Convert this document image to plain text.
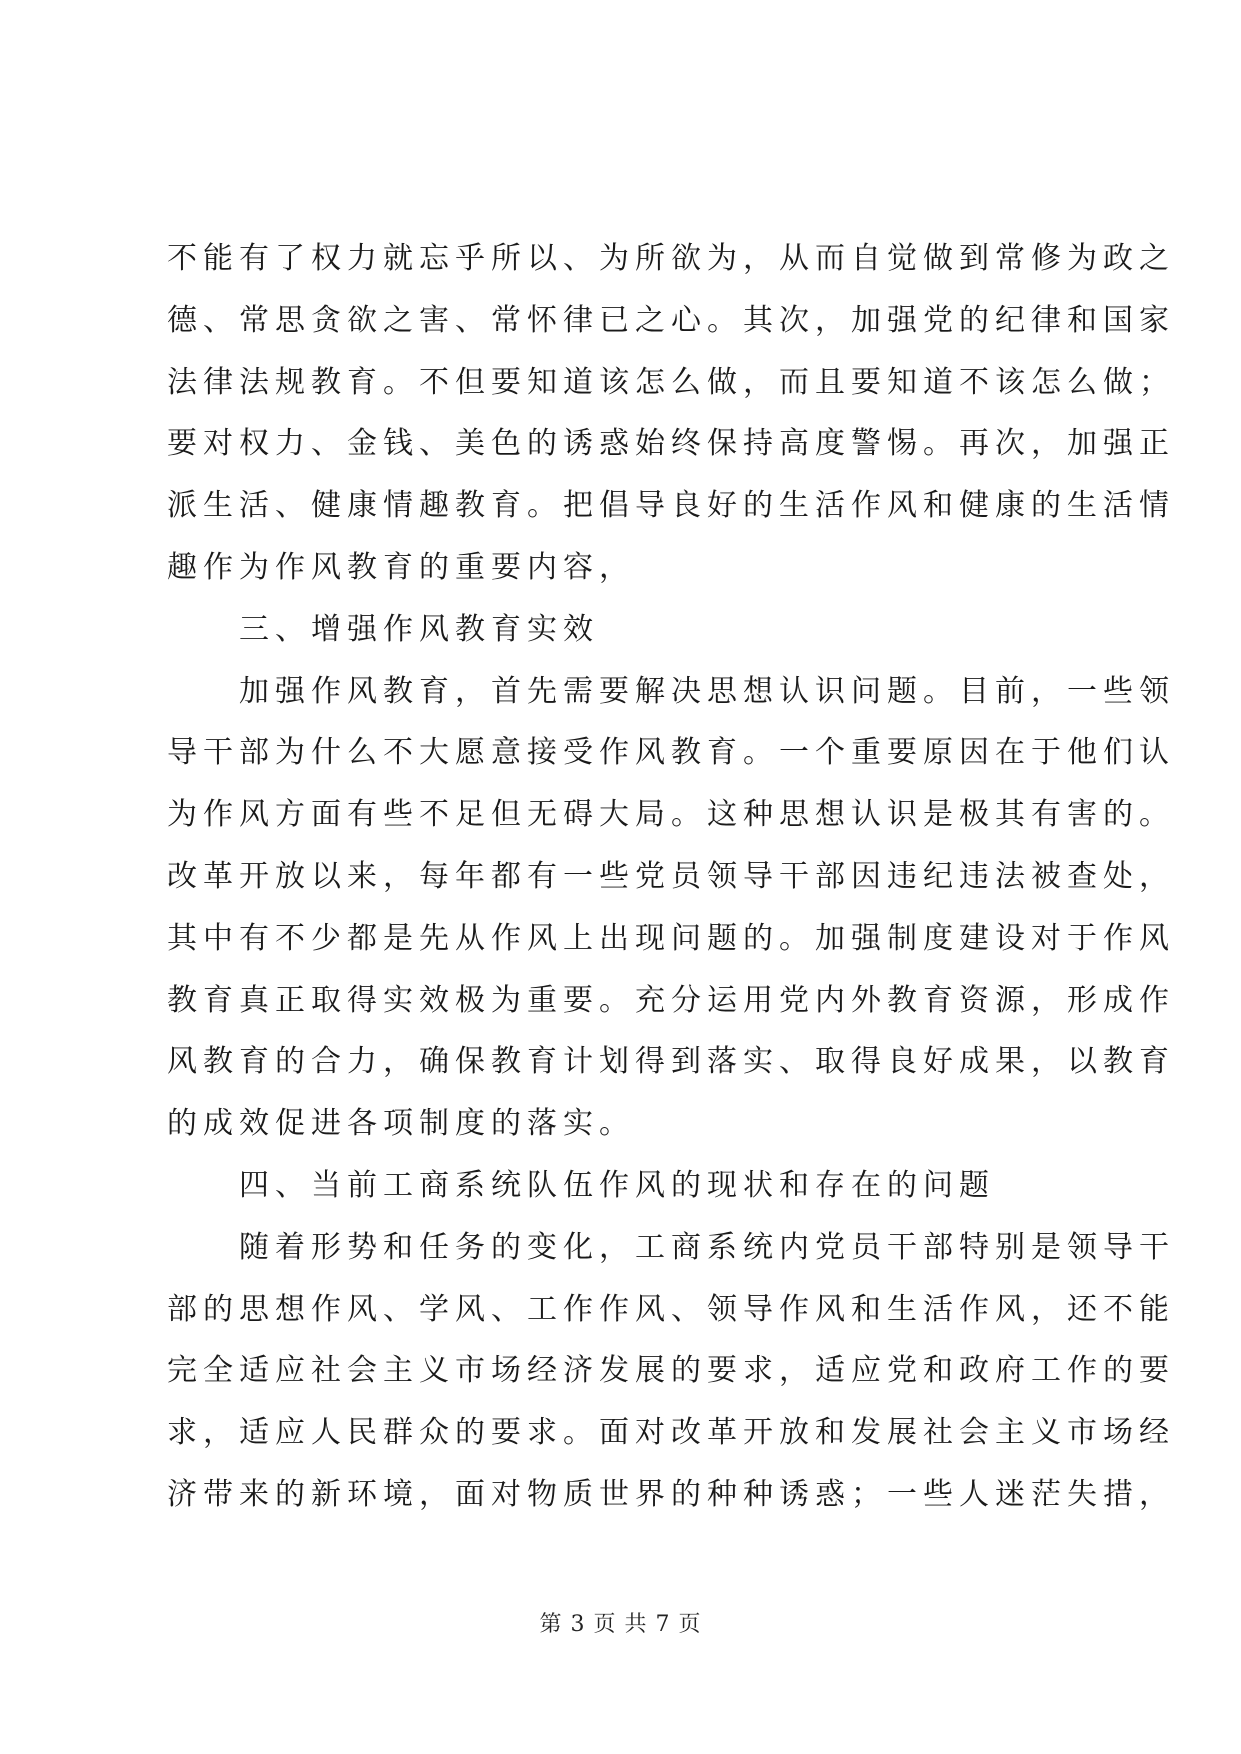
不能有了权力就忘乎所以、为所欲为，从而自觉做到常修为政之
德、常思贪欲之害、常怀律已之心。其次，加强党的纪律和国家
法律法规教育。不但要知道该怎么做，而且要知道不该怎么做；
要对权力、金钱、美色的诱惑始终保持高度警惕。再次，加强正
派生活、健康情趣教育。把倡导良好的生活作风和健康的生活情
趣作为作风教育的重要内容，
　　三、增强作风教育实效
　　加强作风教育，首先需要解决思想认识问题。目前，一些领
导干部为什么不大愿意接受作风教育。一个重要原因在于他们认
为作风方面有些不足但无碍大局。这种思想认识是极其有害的。
改革开放以来，每年都有一些党员领导干部因违纪违法被查处，
其中有不少都是先从作风上出现问题的。加强制度建设对于作风
教育真正取得实效极为重要。充分运用党内外教育资源，形成作
风教育的合力，确保教育计划得到落实、取得良好成果，以教育
的成效促进各项制度的落实。
　　四、当前工商系统队伍作风的现状和存在的问题
　　随着形势和任务的变化，工商系统内党员干部特别是领导干
部的思想作风、学风、工作作风、领导作风和生活作风，还不能
完全适应社会主义市场经济发展的要求，适应党和政府工作的要
求，适应人民群众的要求。面对改革开放和发展社会主义市场经
济带来的新环境，面对物质世界的种种诱惑；一些人迷茫失措，
第 3 页 共 7 页
